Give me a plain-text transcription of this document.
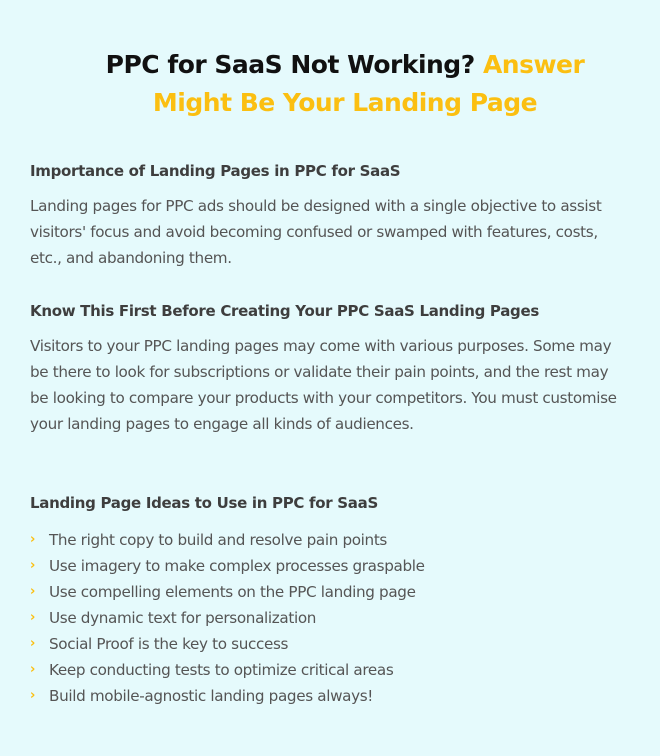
PPC for SaaS Not Working? Answer
Might Be Your Landing Page
Importance of Landing Pages in PPC for SaaS

Landing pages for PPC ads should be designed with a single objective to assist visitors' focus and avoid becoming confused or swamped with features, costs, etc., and abandoning them.

Know This First Before Creating Your PPC SaaS Landing Pages

Visitors to your PPC landing pages may come with various purposes. Some may be there to look for subscriptions or validate their pain points, and the rest may be looking to compare your products with your competitors. You must customise your landing pages to engage all kinds of audiences.

Landing Page Ideas to Use in PPC for SaaS
› The right copy to build and resolve pain points
› Use imagery to make complex processes graspable
› Use compelling elements on the PPC landing page
› Use dynamic text for personalization
› Social Proof is the key to success
› Keep conducting tests to optimize critical areas
› Build mobile-agnostic landing pages always!
